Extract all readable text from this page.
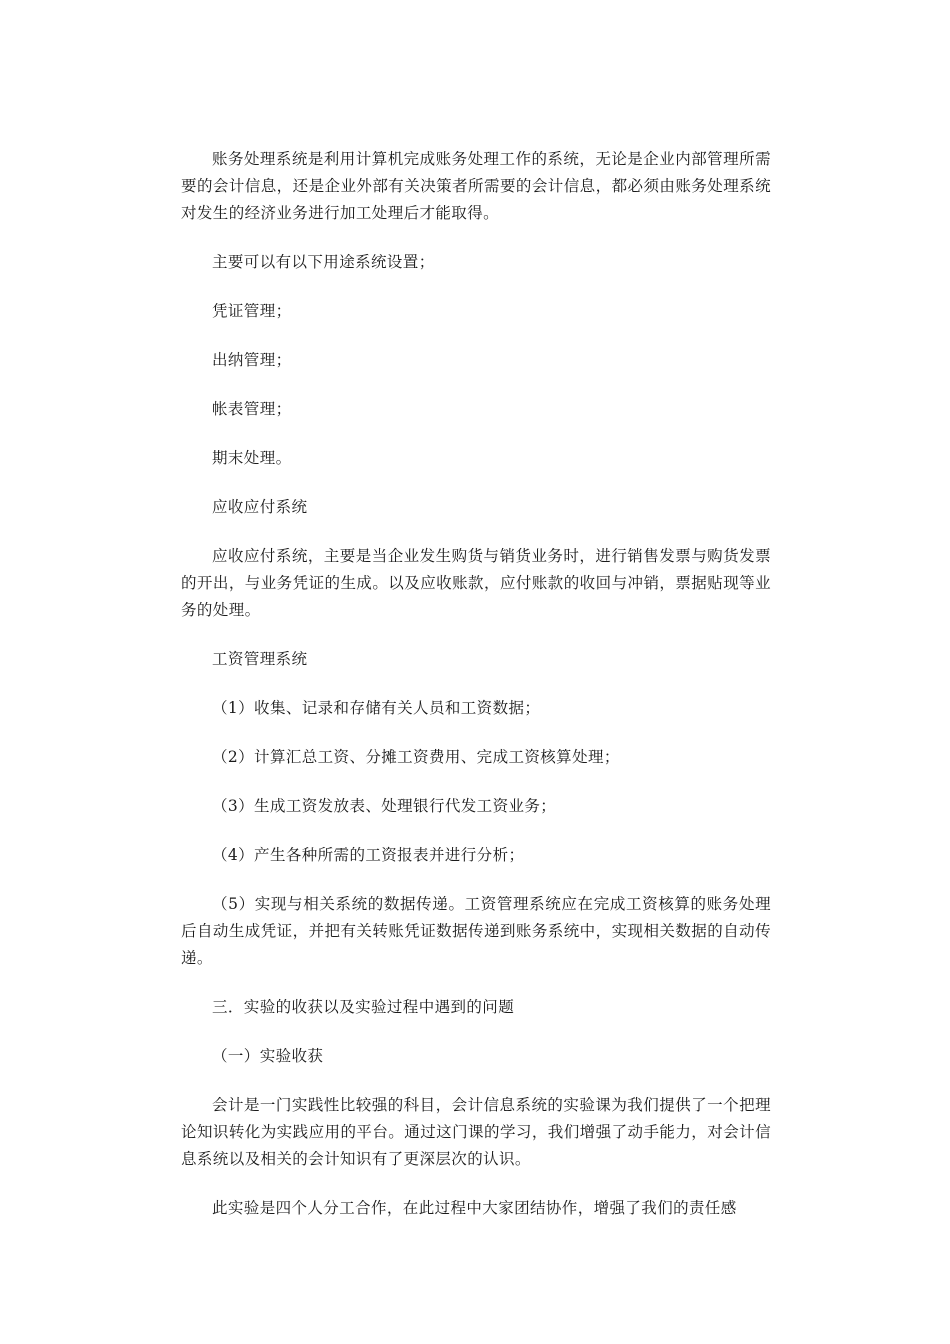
账务处理系统是利用计算机完成账务处理工作的系统，无论是企业内部管理所需要的会计信息，还是企业外部有关决策者所需要的会计信息，都必须由账务处理系统对发生的经济业务进行加工处理后才能取得。

主要可以有以下用途系统设置；

凭证管理；

出纳管理；

帐表管理；

期末处理。

应收应付系统

应收应付系统，主要是当企业发生购货与销货业务时，进行销售发票与购货发票的开出，与业务凭证的生成。以及应收账款，应付账款的收回与冲销，票据贴现等业务的处理。

工资管理系统

（1）收集、记录和存储有关人员和工资数据；

（2）计算汇总工资、分摊工资费用、完成工资核算处理；

（3）生成工资发放表、处理银行代发工资业务；

（4）产生各种所需的工资报表并进行分析；

（5）实现与相关系统的数据传递。工资管理系统应在完成工资核算的账务处理后自动生成凭证，并把有关转账凭证数据传递到账务系统中，实现相关数据的自动传递。

三．实验的收获以及实验过程中遇到的问题

（一）实验收获

会计是一门实践性比较强的科目，会计信息系统的实验课为我们提供了一个把理论知识转化为实践应用的平台。通过这门课的学习，我们增强了动手能力，对会计信息系统以及相关的会计知识有了更深层次的认识。

此实验是四个人分工合作，在此过程中大家团结协作，增强了我们的责任感
